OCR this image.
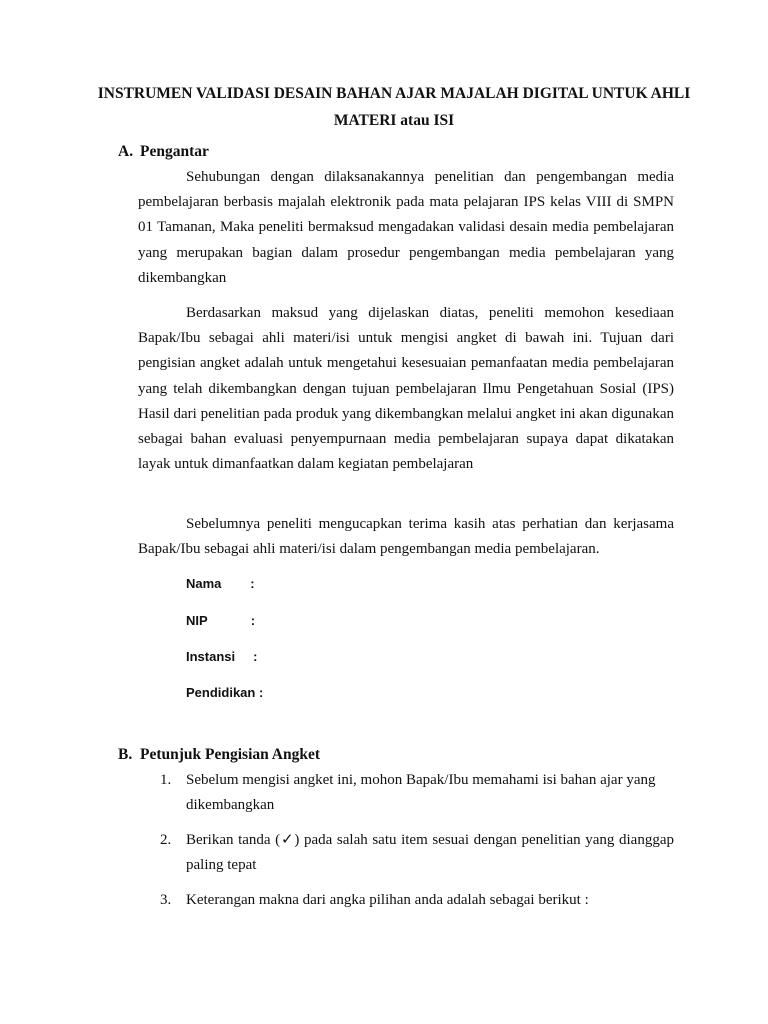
INSTRUMEN VALIDASI DESAIN BAHAN AJAR MAJALAH DIGITAL UNTUK AHLI
MATERI atau ISI
A. Pengantar
Sehubungan dengan dilaksanakannya penelitian dan pengembangan media pembelajaran berbasis majalah elektronik pada mata pelajaran IPS kelas VIII di SMPN 01 Tamanan, Maka peneliti bermaksud mengadakan validasi desain media pembelajaran yang merupakan bagian dalam prosedur pengembangan media pembelajaran yang dikembangkan
Berdasarkan maksud yang dijelaskan diatas, peneliti memohon kesediaan Bapak/Ibu sebagai ahli materi/isi untuk mengisi angket di bawah ini. Tujuan dari pengisian angket adalah untuk mengetahui kesesuaian pemanfaatan media pembelajaran yang telah dikembangkan dengan tujuan pembelajaran Ilmu Pengetahuan Sosial (IPS) Hasil dari penelitian pada produk yang dikembangkan melalui angket ini akan digunakan sebagai bahan evaluasi penyempurnaan media pembelajaran supaya dapat dikatakan layak untuk dimanfaatkan dalam kegiatan pembelajaran
Sebelumnya peneliti mengucapkan terima kasih atas perhatian dan kerjasama Bapak/Ibu sebagai ahli materi/isi dalam pengembangan media pembelajaran.
Nama        :
NIP            :
Instansi     :
Pendidikan :
B. Petunjuk Pengisian Angket
1. Sebelum mengisi angket ini, mohon Bapak/Ibu memahami isi bahan ajar yang dikembangkan
2. Berikan tanda (✓) pada salah satu item sesuai dengan penelitian yang dianggap paling tepat
3. Keterangan makna dari angka pilihan anda adalah sebagai berikut :
